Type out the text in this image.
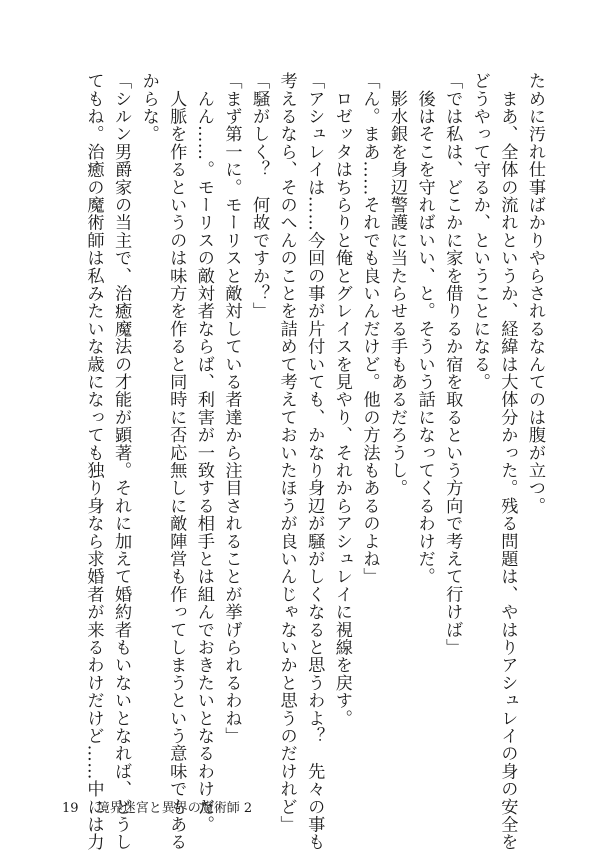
ために汚れ仕事ばかりやらされるなんてのは腹が立つ。
　まあ、全体の流れというか、経緯は大体分かった。残る問題は、やはりアシュレイの身の安全を
どうやって守るか、ということになる。
「では私は、どこかに家を借りるか宿を取るという方向で考えて行けば」
　後はそこを守ればいい、と。そういう話になってくるわけだ。
　影水銀を身辺警護に当たらせる手もあるだろうし。
「ん。まあ……それでも良いんだけど。他の方法もあるのよね」
　ロゼッタはちらりと俺とグレイスを見やり、それからアシュレイに視線を戻す。
「アシュレイは……今回の事が片付いても、かなり身辺が騒がしくなると思うわよ？　先々の事も
考えるなら、そのへんのことを詰めて考えておいたほうが良いんじゃないかと思うのだけれど」
「騒がしく？　何故ですか？」
「まず第一に。モーリスと敵対している者達から注目されることが挙げられるわね」
　んん……。モーリスの敵対者ならば、利害が一致する相手とは組んでおきたいとなるわけだ。
　人脈を作るというのは味方を作ると同時に否応無しに敵陣営も作ってしまうという意味でもある
からな。
「シルン男爵家の当主で、治癒魔法の才能が顕著。それに加えて婚約者もいないとなれば、どうし
てもね。治癒の魔術師は私みたいな歳になっても独り身なら求婚者が来るわけだけど……中には力
19 境界迷宮と異界の魔術師 2
